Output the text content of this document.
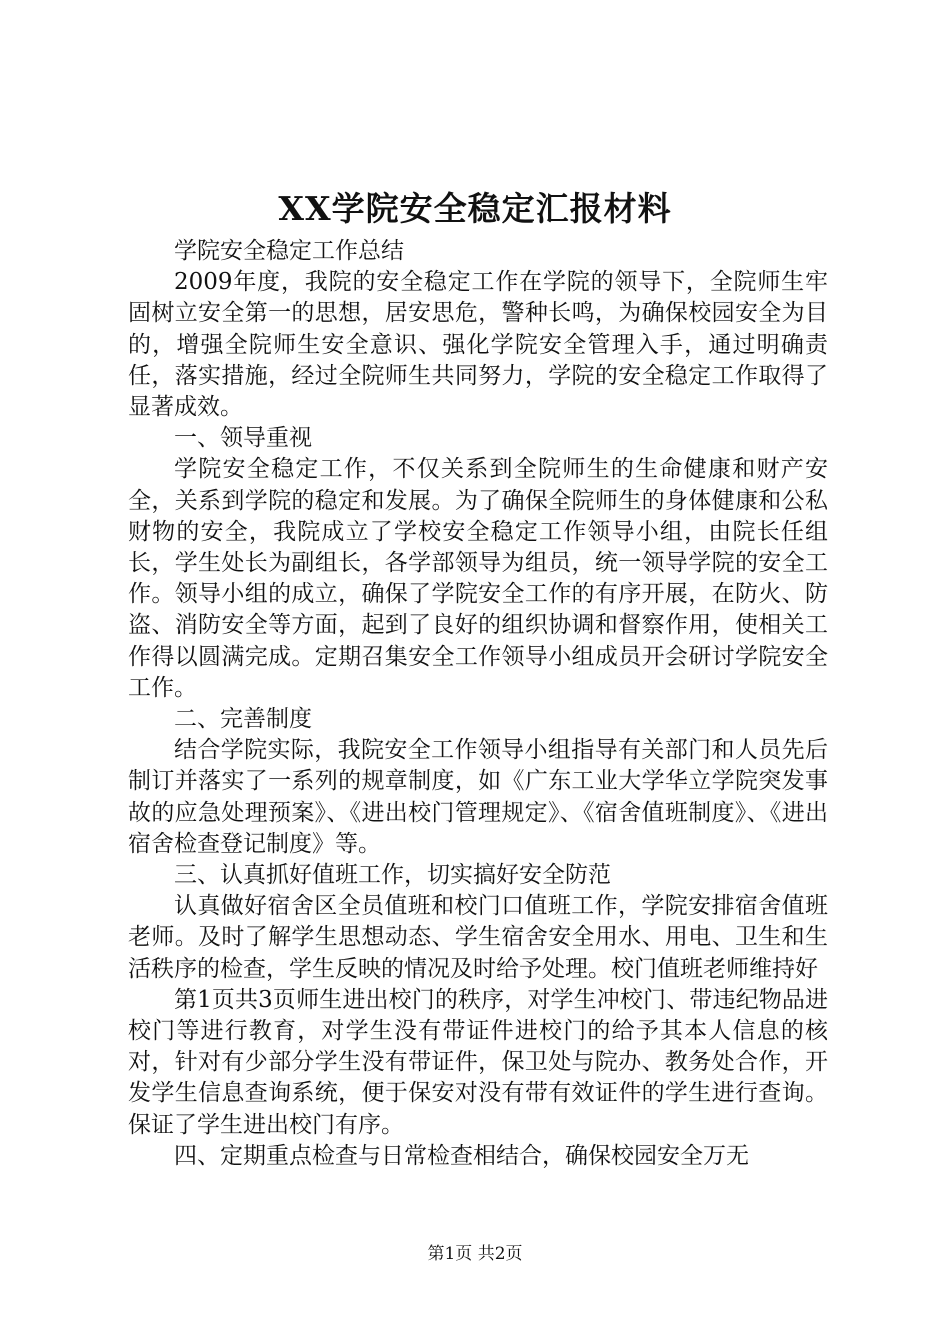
XX学院安全稳定汇报材料

学院安全稳定工作总结

2009年度，我院的安全稳定工作在学院的领导下，全院师生牢固树立安全第一的思想，居安思危，警种长鸣，为确保校园安全为目的，增强全院师生安全意识、强化学院安全管理入手，通过明确责任，落实措施，经过全院师生共同努力，学院的安全稳定工作取得了显著成效。

一、领导重视

学院安全稳定工作，不仅关系到全院师生的生命健康和财产安全，关系到学院的稳定和发展。为了确保全院师生的身体健康和公私财物的安全，我院成立了学校安全稳定工作领导小组，由院长任组长，学生处长为副组长，各学部领导为组员，统一领导学院的安全工作。领导小组的成立，确保了学院安全工作的有序开展，在防火、防盗、消防安全等方面，起到了良好的组织协调和督察作用，使相关工作得以圆满完成。定期召集安全工作领导小组成员开会研讨学院安全工作。

二、完善制度

结合学院实际，我院安全工作领导小组指导有关部门和人员先后制订并落实了一系列的规章制度，如《广东工业大学华立学院突发事故的应急处理预案》、《进出校门管理规定》、《宿舍值班制度》、《进出宿舍检查登记制度》等。

三、认真抓好值班工作，切实搞好安全防范

认真做好宿舍区全员值班和校门口值班工作，学院安排宿舍值班老师。及时了解学生思想动态、学生宿舍安全用水、用电、卫生和生活秩序的检查，学生反映的情况及时给予处理。校门值班老师维持好

第1页共3页师生进出校门的秩序，对学生冲校门、带违纪物品进校门等进行教育，对学生没有带证件进校门的给予其本人信息的核对，针对有少部分学生没有带证件，保卫处与院办、教务处合作，开发学生信息查询系统，便于保安对没有带有效证件的学生进行查询。保证了学生进出校门有序。

四、定期重点检查与日常检查相结合，确保校园安全万无

第1页 共2页
